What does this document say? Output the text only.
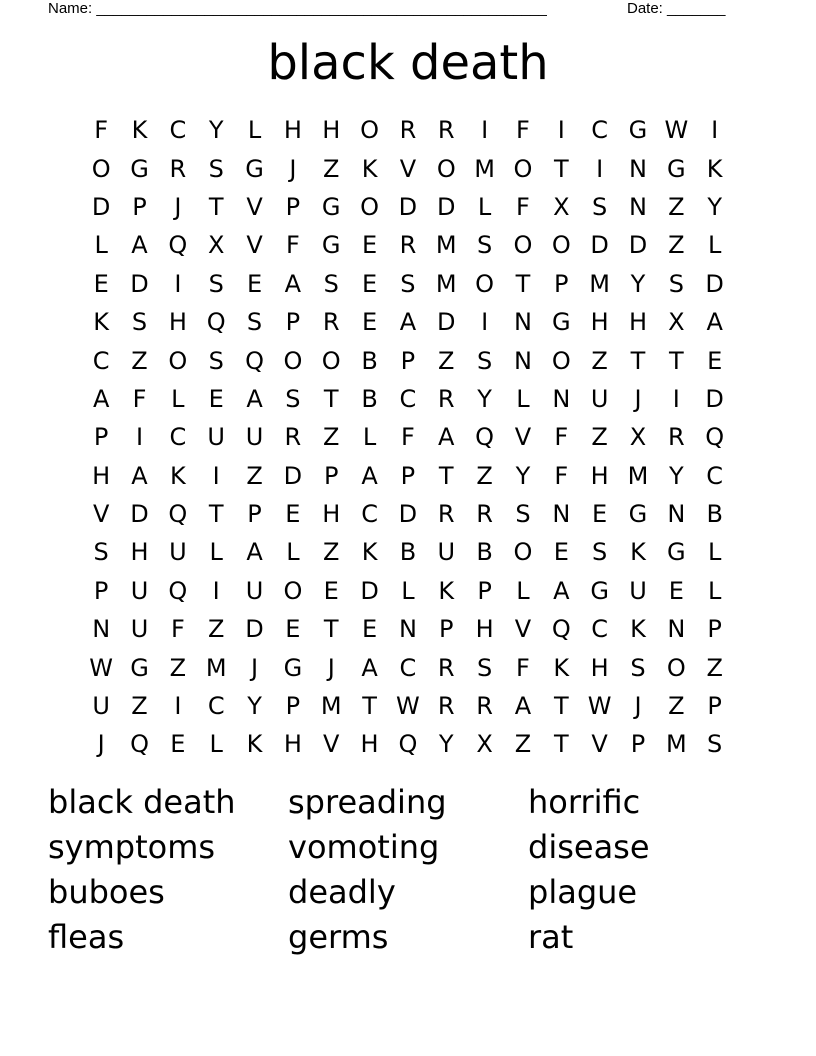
Name: ______________________________________________________	Date: _______
black death
F K C Y	L H H O R R	I	F	I	C G W I
O G R S G	J	Z K V O M O T	I	N G K
D P	J	T V P G O D D L	F X S N Z Y
L A Q X V F G E R M S O O D D Z L
E D	I	S E A S E S M O T P M Y S D
K S H Q S P R E A D	I	N G H H X A
C Z O S Q O O B P Z S N O Z T T E
A F	L	E A S T B C R Y	L N U	J	I	D
P	I	C U U R Z L	F A Q V F Z X R Q
H A K	I	Z D P A P T Z Y	F H M Y C
V D Q T P E H C D R R S N E G N B
S H U L A L Z K B U B O E S K G L
P U Q	I	U O E D L K P	L A G U E	L
N U F Z D E T E N P H V Q C K N P
W G Z M	J	G	J	A C R S F K H S O Z
U Z	I	C Y P M T W R R A T W J	Z P
J	Q E	L K H V H Q Y X Z T V P M S
black death	spreading	horrific
symptoms	vomoting	disease
buboes	deadly	plague
fleas	germs	rat
